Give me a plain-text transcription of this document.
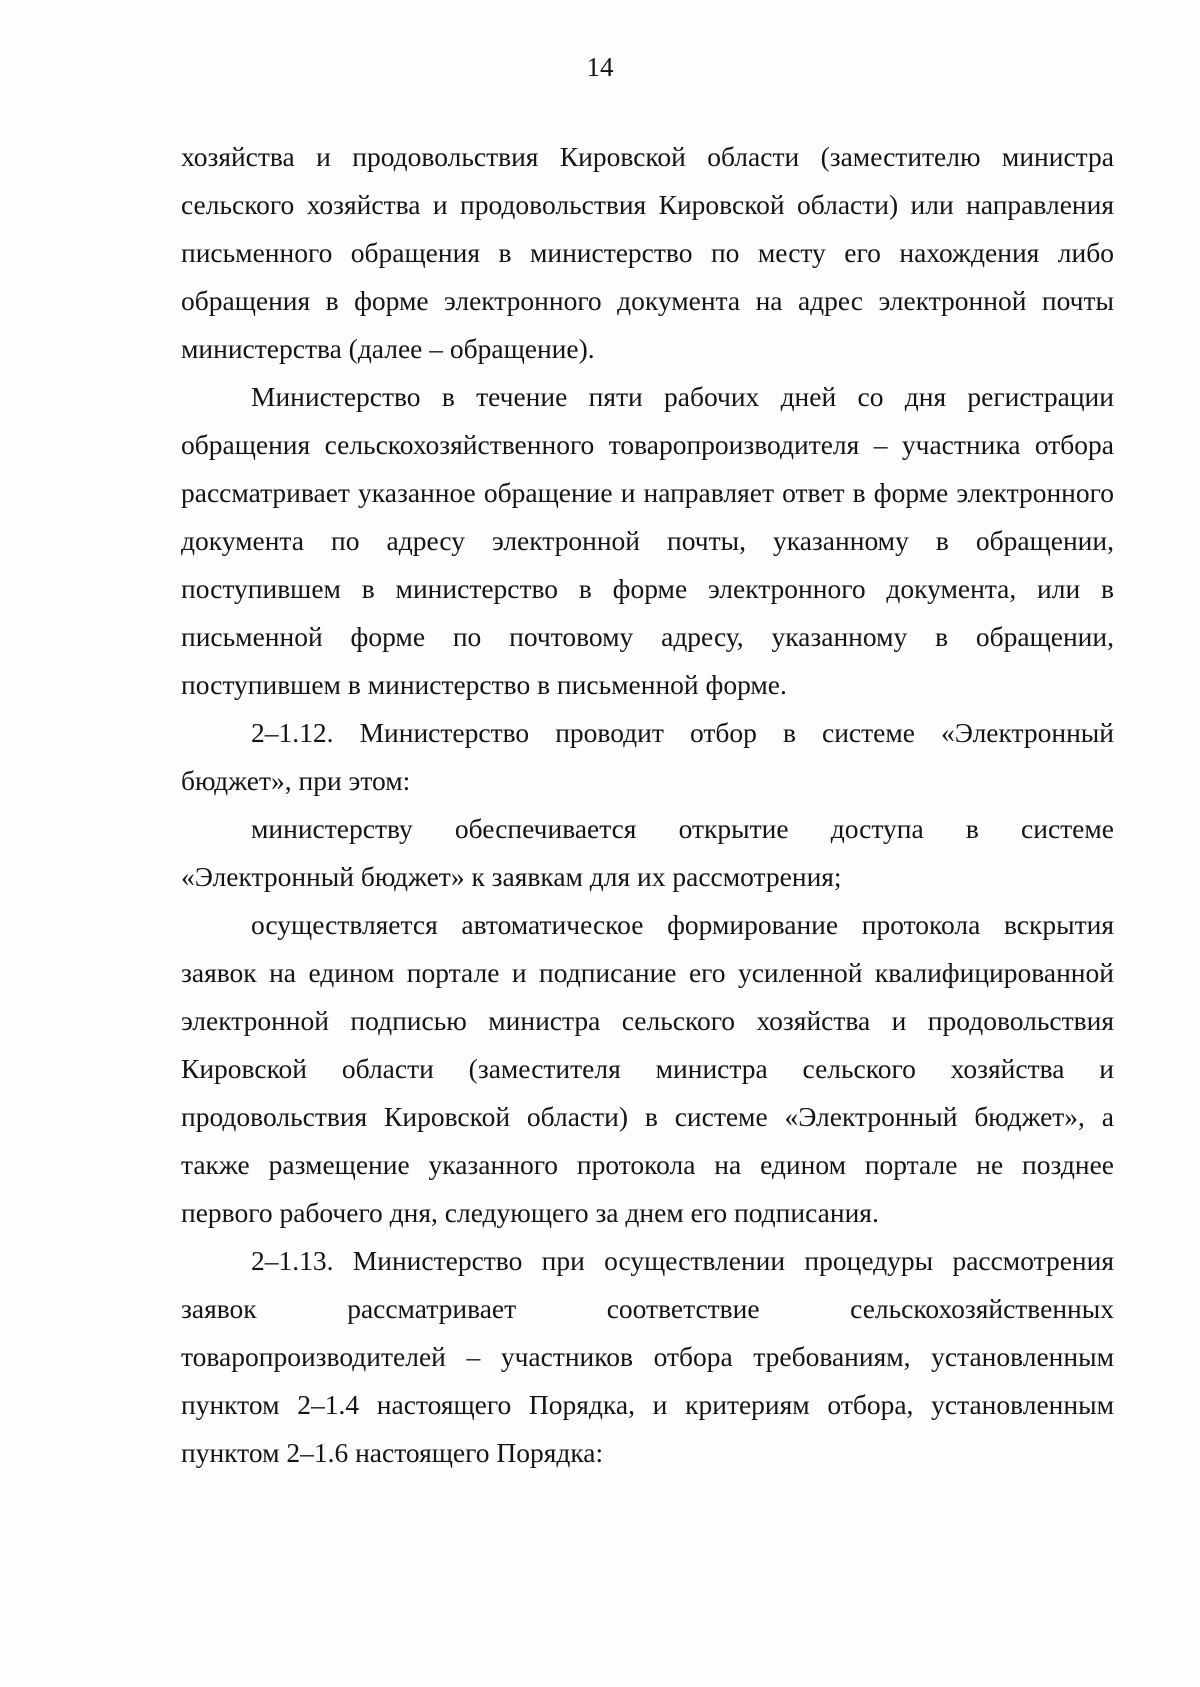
14

хозяйства и продовольствия Кировской области (заместителю министра сельского хозяйства и продовольствия Кировской области) или направления письменного обращения в министерство по месту его нахождения либо обращения в форме электронного документа на адрес электронной почты министерства (далее – обращение).

Министерство в течение пяти рабочих дней со дня регистрации обращения сельскохозяйственного товаропроизводителя – участника отбора рассматривает указанное обращение и направляет ответ в форме электронного документа по адресу электронной почты, указанному в обращении, поступившем в министерство в форме электронного документа, или в письменной форме по почтовому адресу, указанному в обращении, поступившем в министерство в письменной форме.

2–1.12. Министерство проводит отбор в системе «Электронный бюджет», при этом:

министерству обеспечивается открытие доступа в системе «Электронный бюджет» к заявкам для их рассмотрения;

осуществляется автоматическое формирование протокола вскрытия заявок на едином портале и подписание его усиленной квалифицированной электронной подписью министра сельского хозяйства и продовольствия Кировской области (заместителя министра сельского хозяйства и продовольствия Кировской области) в системе «Электронный бюджет», а также размещение указанного протокола на едином портале не позднее первого рабочего дня, следующего за днем его подписания.

2–1.13. Министерство при осуществлении процедуры рассмотрения заявок рассматривает соответствие сельскохозяйственных товаропроизводителей – участников отбора требованиям, установленным пунктом 2–1.4 настоящего Порядка, и критериям отбора, установленным пунктом 2–1.6 настоящего Порядка:
